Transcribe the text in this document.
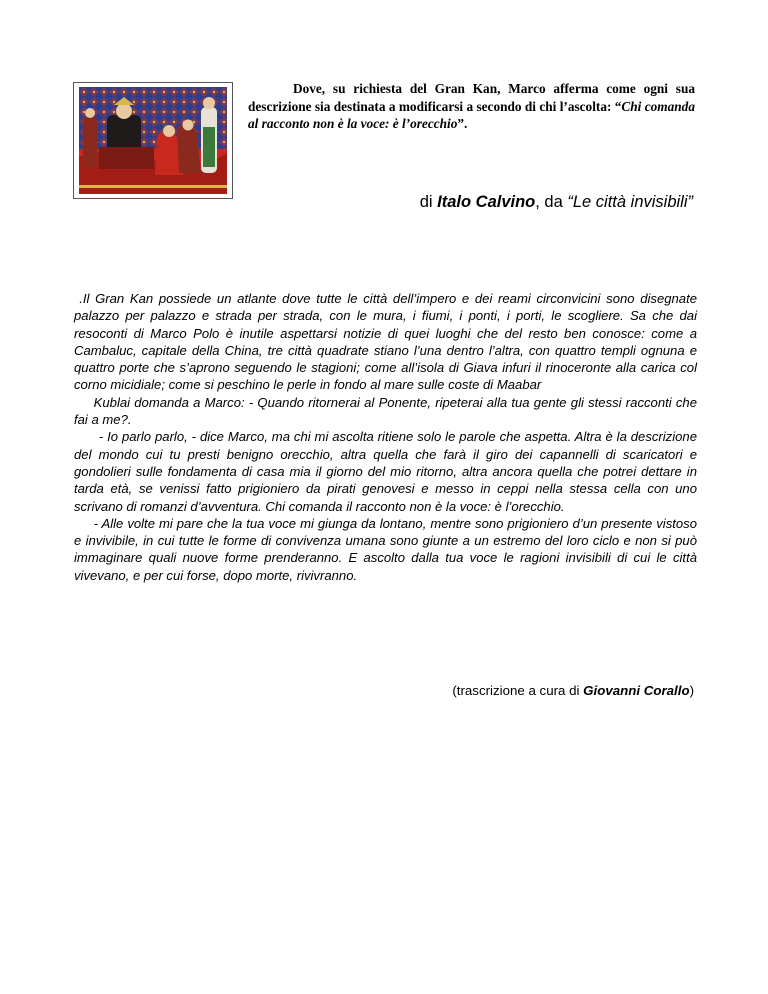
Dove, su richiesta del Gran Kan, Marco afferma come ogni sua descrizione sia destinata a modificarsi a secondo di chi l’ascolta: “Chi comanda al racconto non è la voce: è l’orecchio”.
di Italo Calvino, da “Le città invisibili”

.Il Gran Kan possiede un atlante dove tutte le città dell’impero e dei reami circonvicini sono disegnate palazzo per palazzo e strada per strada, con le mura, i fiumi, i ponti, i porti, le scogliere. Sa che dai resoconti di Marco Polo è inutile aspettarsi notizie di quei luoghi che del resto ben conosce: come a Cambaluc, capitale della China, tre città quadrate stiano l’una dentro l’altra, con quattro templi ognuna e quattro porte che s’aprono seguendo le stagioni; come all’isola di Giava infuri il rinoceronte alla carica col corno micidiale; come si peschino le perle in fondo al mare sulle coste di Maabar

Kublai domanda a Marco: - Quando ritornerai al Ponente, ripeterai alla tua gente gli stessi racconti che fai a me?.

- Io parlo parlo, - dice Marco, ma chi mi ascolta ritiene solo le parole che aspetta. Altra è la descrizione del mondo cui tu presti benigno orecchio, altra quella che farà il giro dei capannelli di scaricatori e gondolieri sulle fondamenta di casa mia il giorno del mio ritorno, altra ancora quella che potrei dettare in tarda età, se venissi fatto prigioniero da pirati genovesi e messo in ceppi nella stessa cella con uno scrivano di romanzi d’avventura. Chi comanda il racconto non è la voce: è l’orecchio.

- Alle volte mi pare che la tua voce mi giunga da lontano, mentre sono prigioniero d’un presente vistoso e invivibile, in cui tutte le forme di convivenza umana sono giunte a un estremo del loro ciclo e non si può immaginare quali nuove forme prenderanno. E ascolto dalla tua voce le ragioni invisibili di cui le città vivevano, e per cui forse, dopo morte, rivivranno.

(trascrizione a cura di Giovanni Corallo)
